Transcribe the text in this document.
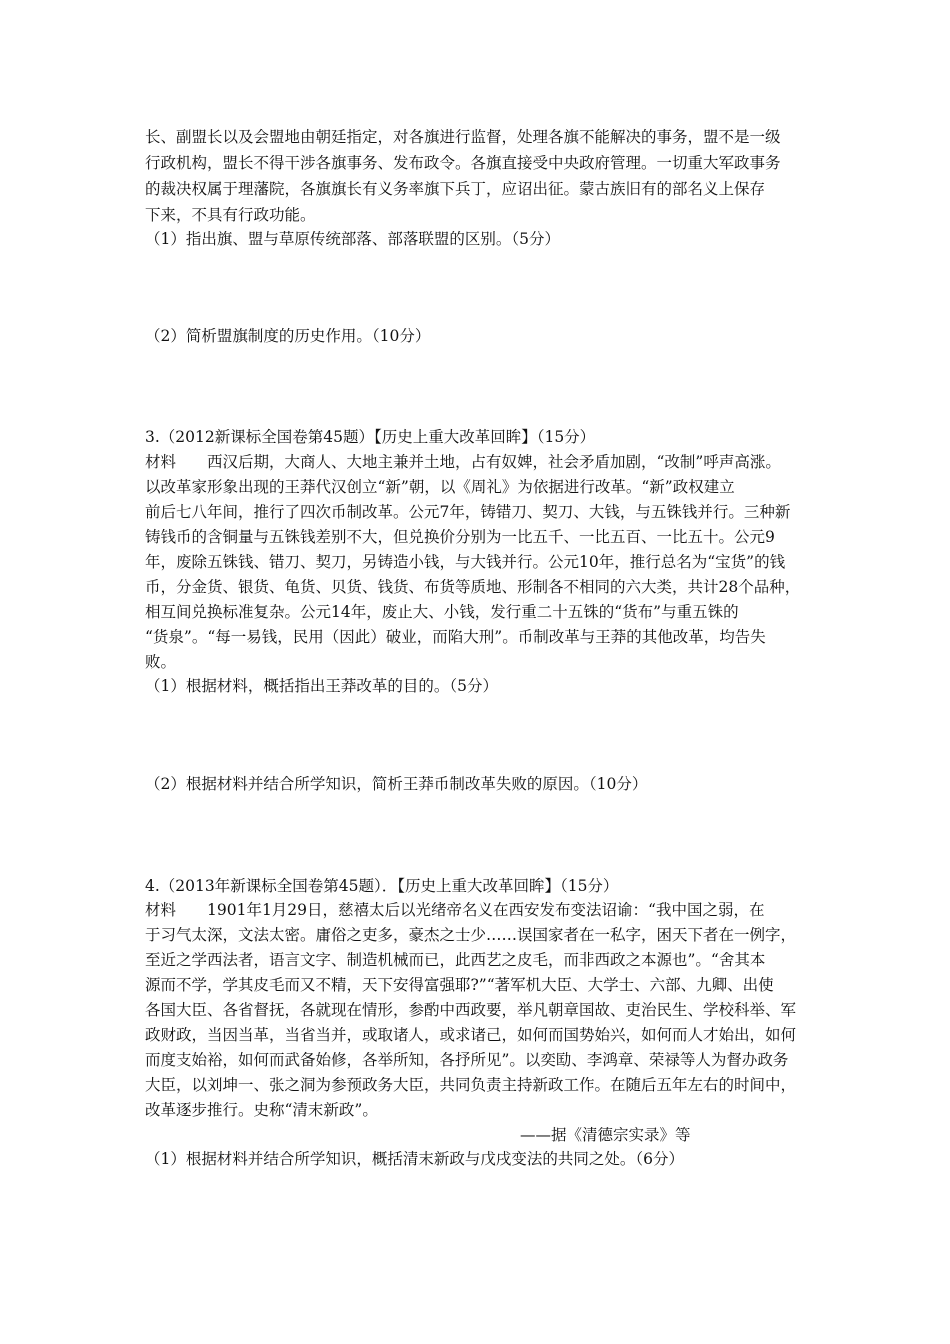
长、副盟长以及会盟地由朝廷指定，对各旗进行监督，处理各旗不能解决的事务，盟不是一级
行政机构，盟长不得干涉各旗事务、发布政令。各旗直接受中央政府管理。一切重大军政事务
的裁决权属于理藩院，各旗旗长有义务率旗下兵丁，应诏出征。蒙古族旧有的部名义上保存
下来，不具有行政功能。
（1）指出旗、盟与草原传统部落、部落联盟的区别。（5分）
（2）简析盟旗制度的历史作用。（10分）
3.（2012新课标全国卷第45题）【历史上重大改革回眸】（15分）
材料　　西汉后期，大商人、大地主兼并土地，占有奴婢，社会矛盾加剧，“改制”呼声高涨。
以改革家形象出现的王莽代汉创立“新”朝，以《周礼》为依据进行改革。“新”政权建立
前后七八年间，推行了四次币制改革。公元7年，铸错刀、契刀、大钱，与五铢钱并行。三种新
铸钱币的含铜量与五铢钱差别不大，但兑换价分别为一比五千、一比五百、一比五十。公元9
年，废除五铢钱、错刀、契刀，另铸造小钱，与大钱并行。公元10年，推行总名为“宝货”的钱
币，分金货、银货、龟货、贝货、钱货、布货等质地、形制各不相同的六大类，共计28个品种，
相互间兑换标准复杂。公元14年，废止大、小钱，发行重二十五铢的“货布”与重五铢的
“货泉”。“每一易钱，民用（因此）破业，而陷大刑”。币制改革与王莽的其他改革，均告失
败。
（1）根据材料，概括指出王莽改革的目的。（5分）
（2）根据材料并结合所学知识，简析王莽币制改革失败的原因。（10分）
4.（2013年新课标全国卷第45题）．【历史上重大改革回眸】（15分）
材料　　1901年1月29日，慈禧太后以光绪帝名义在西安发布变法诏谕：“我中国之弱，在
于习气太深，文法太密。庸俗之吏多，豪杰之士少……误国家者在一私字，困天下者在一例字，
至近之学西法者，语言文字、制造机械而已，此西艺之皮毛，而非西政之本源也”。“舍其本
源而不学，学其皮毛而又不精，天下安得富强耶?”“著军机大臣、大学士、六部、九卿、出使
各国大臣、各省督抚，各就现在情形，参酌中西政要，举凡朝章国故、吏治民生、学校科举、军
政财政，当因当革，当省当并，或取诸人，或求诸己，如何而国势始兴，如何而人才始出，如何
而度支始裕，如何而武备始修，各举所知，各抒所见”。以奕劻、李鸿章、荣禄等人为督办政务
大臣，以刘坤一、张之洞为参预政务大臣，共同负责主持新政工作。在随后五年左右的时间中，
改革逐步推行。史称“清末新政”。
——据《清德宗实录》等
（1）根据材料并结合所学知识，概括清末新政与戊戌变法的共同之处。（6分）
